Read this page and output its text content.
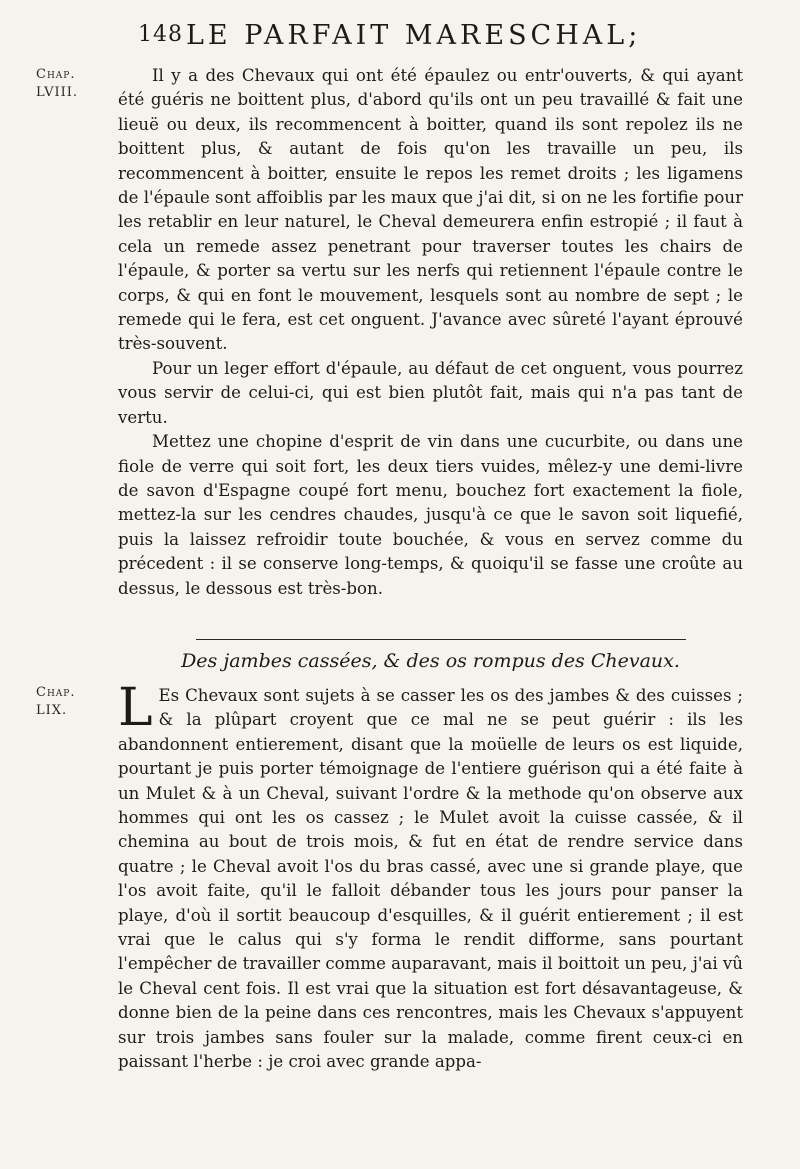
148 LE PARFAIT MARESCHAL;
Chap.
LVIII.

Il y a des Chevaux qui ont été épaulez ou entr'ouverts, & qui ayant été guéris ne boittent plus, d'abord qu'ils ont un peu travaillé & fait une lieuë ou deux, ils recommencent à boitter, quand ils sont repolez ils ne boittent plus, & autant de fois qu'on les travaille un peu, ils recommencent à boitter, ensuite le repos les remet droits ; les ligamens de l'épaule sont affoiblis par les maux que j'ai dit, si on ne les fortifie pour les retablir en leur naturel, le Cheval demeurera enfin estropié ; il faut à cela un remede assez penetrant pour traverser toutes les chairs de l'épaule, & porter sa vertu sur les nerfs qui retiennent l'épaule contre le corps, & qui en font le mouvement, lesquels sont au nombre de sept ; le remede qui le fera, est cet onguent. J'avance avec sûreté l'ayant éprouvé très-souvent.

Pour un leger effort d'épaule, au défaut de cet onguent, vous pourrez vous servir de celui-ci, qui est bien plutôt fait, mais qui n'a pas tant de vertu.

Mettez une chopine d'esprit de vin dans une cucurbite, ou dans une fiole de verre qui soit fort, les deux tiers vuides, mêlez-y une demi-livre de savon d'Espagne coupé fort menu, bouchez fort exactement la fiole, mettez-la sur les cendres chaudes, jusqu'à ce que le savon soit liquefié, puis la laissez refroidir toute bouchée, & vous en servez comme du précedent : il se conserve long-temps, & quoiqu'il se fasse une croûte au dessus, le dessous est très-bon.

Des jambes cassées, & des os rompus des Chevaux.
Chap.
LIX. L Es Chevaux sont sujets à se casser les os des jambes & des cuisses ; & la plûpart croyent que ce mal ne se peut guérir : ils les abandonnent entierement, disant que la moüelle de leurs os est liquide, pourtant je puis porter témoignage de l'entiere guérison qui a été faite à un Mulet & à un Cheval, suivant l'ordre & la methode qu'on observe aux hommes qui ont les os cassez ; le Mulet avoit la cuisse cassée, & il chemina au bout de trois mois, & fut en état de rendre service dans quatre ; le Cheval avoit l'os du bras cassé, avec une si grande playe, que l'os avoit faite, qu'il le falloit débander tous les jours pour panser la playe, d'où il sortit beaucoup d'esquilles, & il guérit entierement ; il est vrai que le calus qui s'y forma le rendit difforme, sans pourtant l'empêcher de travailler comme auparavant, mais il boittoit un peu, j'ai vû le Cheval cent fois. Il est vrai que la situation est fort désavantageuse, & donne bien de la peine dans ces rencontres, mais les Chevaux s'appuyent sur trois jambes sans fouler sur la malade, comme firent ceux-ci en paissant l'herbe : je croi avec grande appa-
